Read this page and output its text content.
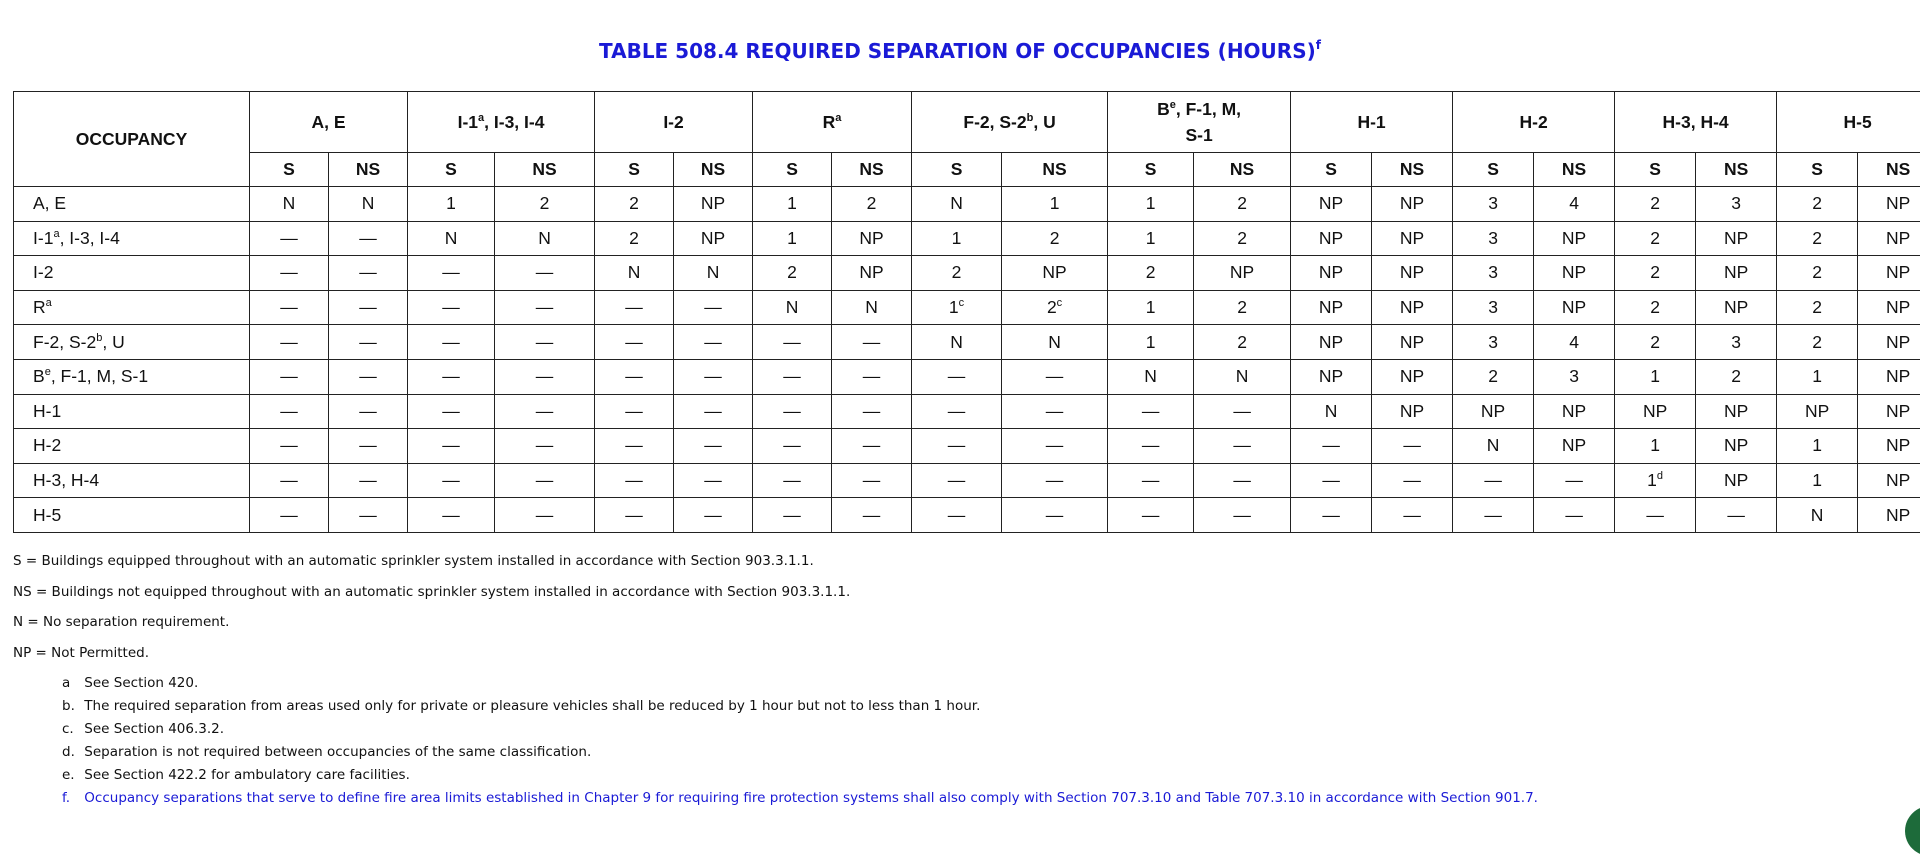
TABLE 508.4 REQUIRED SEPARATION OF OCCUPANCIES (HOURS)$^f$
OCCUPANCY	A, E		I-1$^a$, I-3, I-4		I-2		$R^a$		F-2, S-2$^b$, U		$B^e$, F-1, M,
S-1		H-1		H-2		H-3, H-4		H-5	

	S	NS	S	NS	S	NS	S	NS	S	NS	S	NS	S	NS	S	NS	S	NS	S	NS
A, E	N	N	1	2	2	NP	1	2	N	1	1	2	NP	NP	3	4	2	3	2	NP
I-1$^a$, I-3, I-4	—	—	N	N	2	NP	1	NP	1	2	1	2	NP	NP	3	NP	2	NP	2	NP
I-2	—	—	—	—	N	N	2	NP	2	NP	2	NP	NP	NP	3	NP	2	NP	2	NP
$R^a$	—	—	—	—	—	—	N	N	1$^c$	2$^c$	1	2	NP	NP	3	NP	2	NP	2	NP
F-2, S-2$^b$, U	—	—	—	—	—	—	—	—	N	N	1	2	NP	NP	3	4	2	3	2	NP
$B^e$, F-1, M, S-1	—	—	—	—	—	—	—	—	—	—	N	N	NP	NP	2	3	1	2	1	NP
H-1	—	—	—	—	—	—	—	—	—	—	—	—	N	NP	NP	NP	NP	NP	NP	NP
H-2	—	—	—	—	—	—	—	—	—	—	—	—	—	—	N	NP	1	NP	1	NP
H-3, H-4	—	—	—	—	—	—	—	—	—	—	—	—	—	—	—	—	1$^d$	NP	1	NP
H-5	—	—	—	—	—	—	—	—	—	—	—	—	—	—	—	—	—	—	N	NP
S = Buildings equipped throughout with an automatic sprinkler system installed in accordance with Section 903.3.1.1.
NS = Buildings not equipped throughout with an automatic sprinkler system installed in accordance with Section 903.3.1.1.
N = No separation requirement.
NP = Not Permitted.
a See Section 420.
b. The required separation from areas used only for private or pleasure vehicles shall be reduced by 1 hour but not to less than 1 hour.
c. See Section 406.3.2.
d. Separation is not required between occupancies of the same classification.
e. See Section 422.2 for ambulatory care facilities.
f. Occupancy separations that serve to define fire area limits established in Chapter 9 for requiring fire protection systems shall also comply with Section 707.3.10 and Table 707.3.10 in accordance with Section 901.7.
